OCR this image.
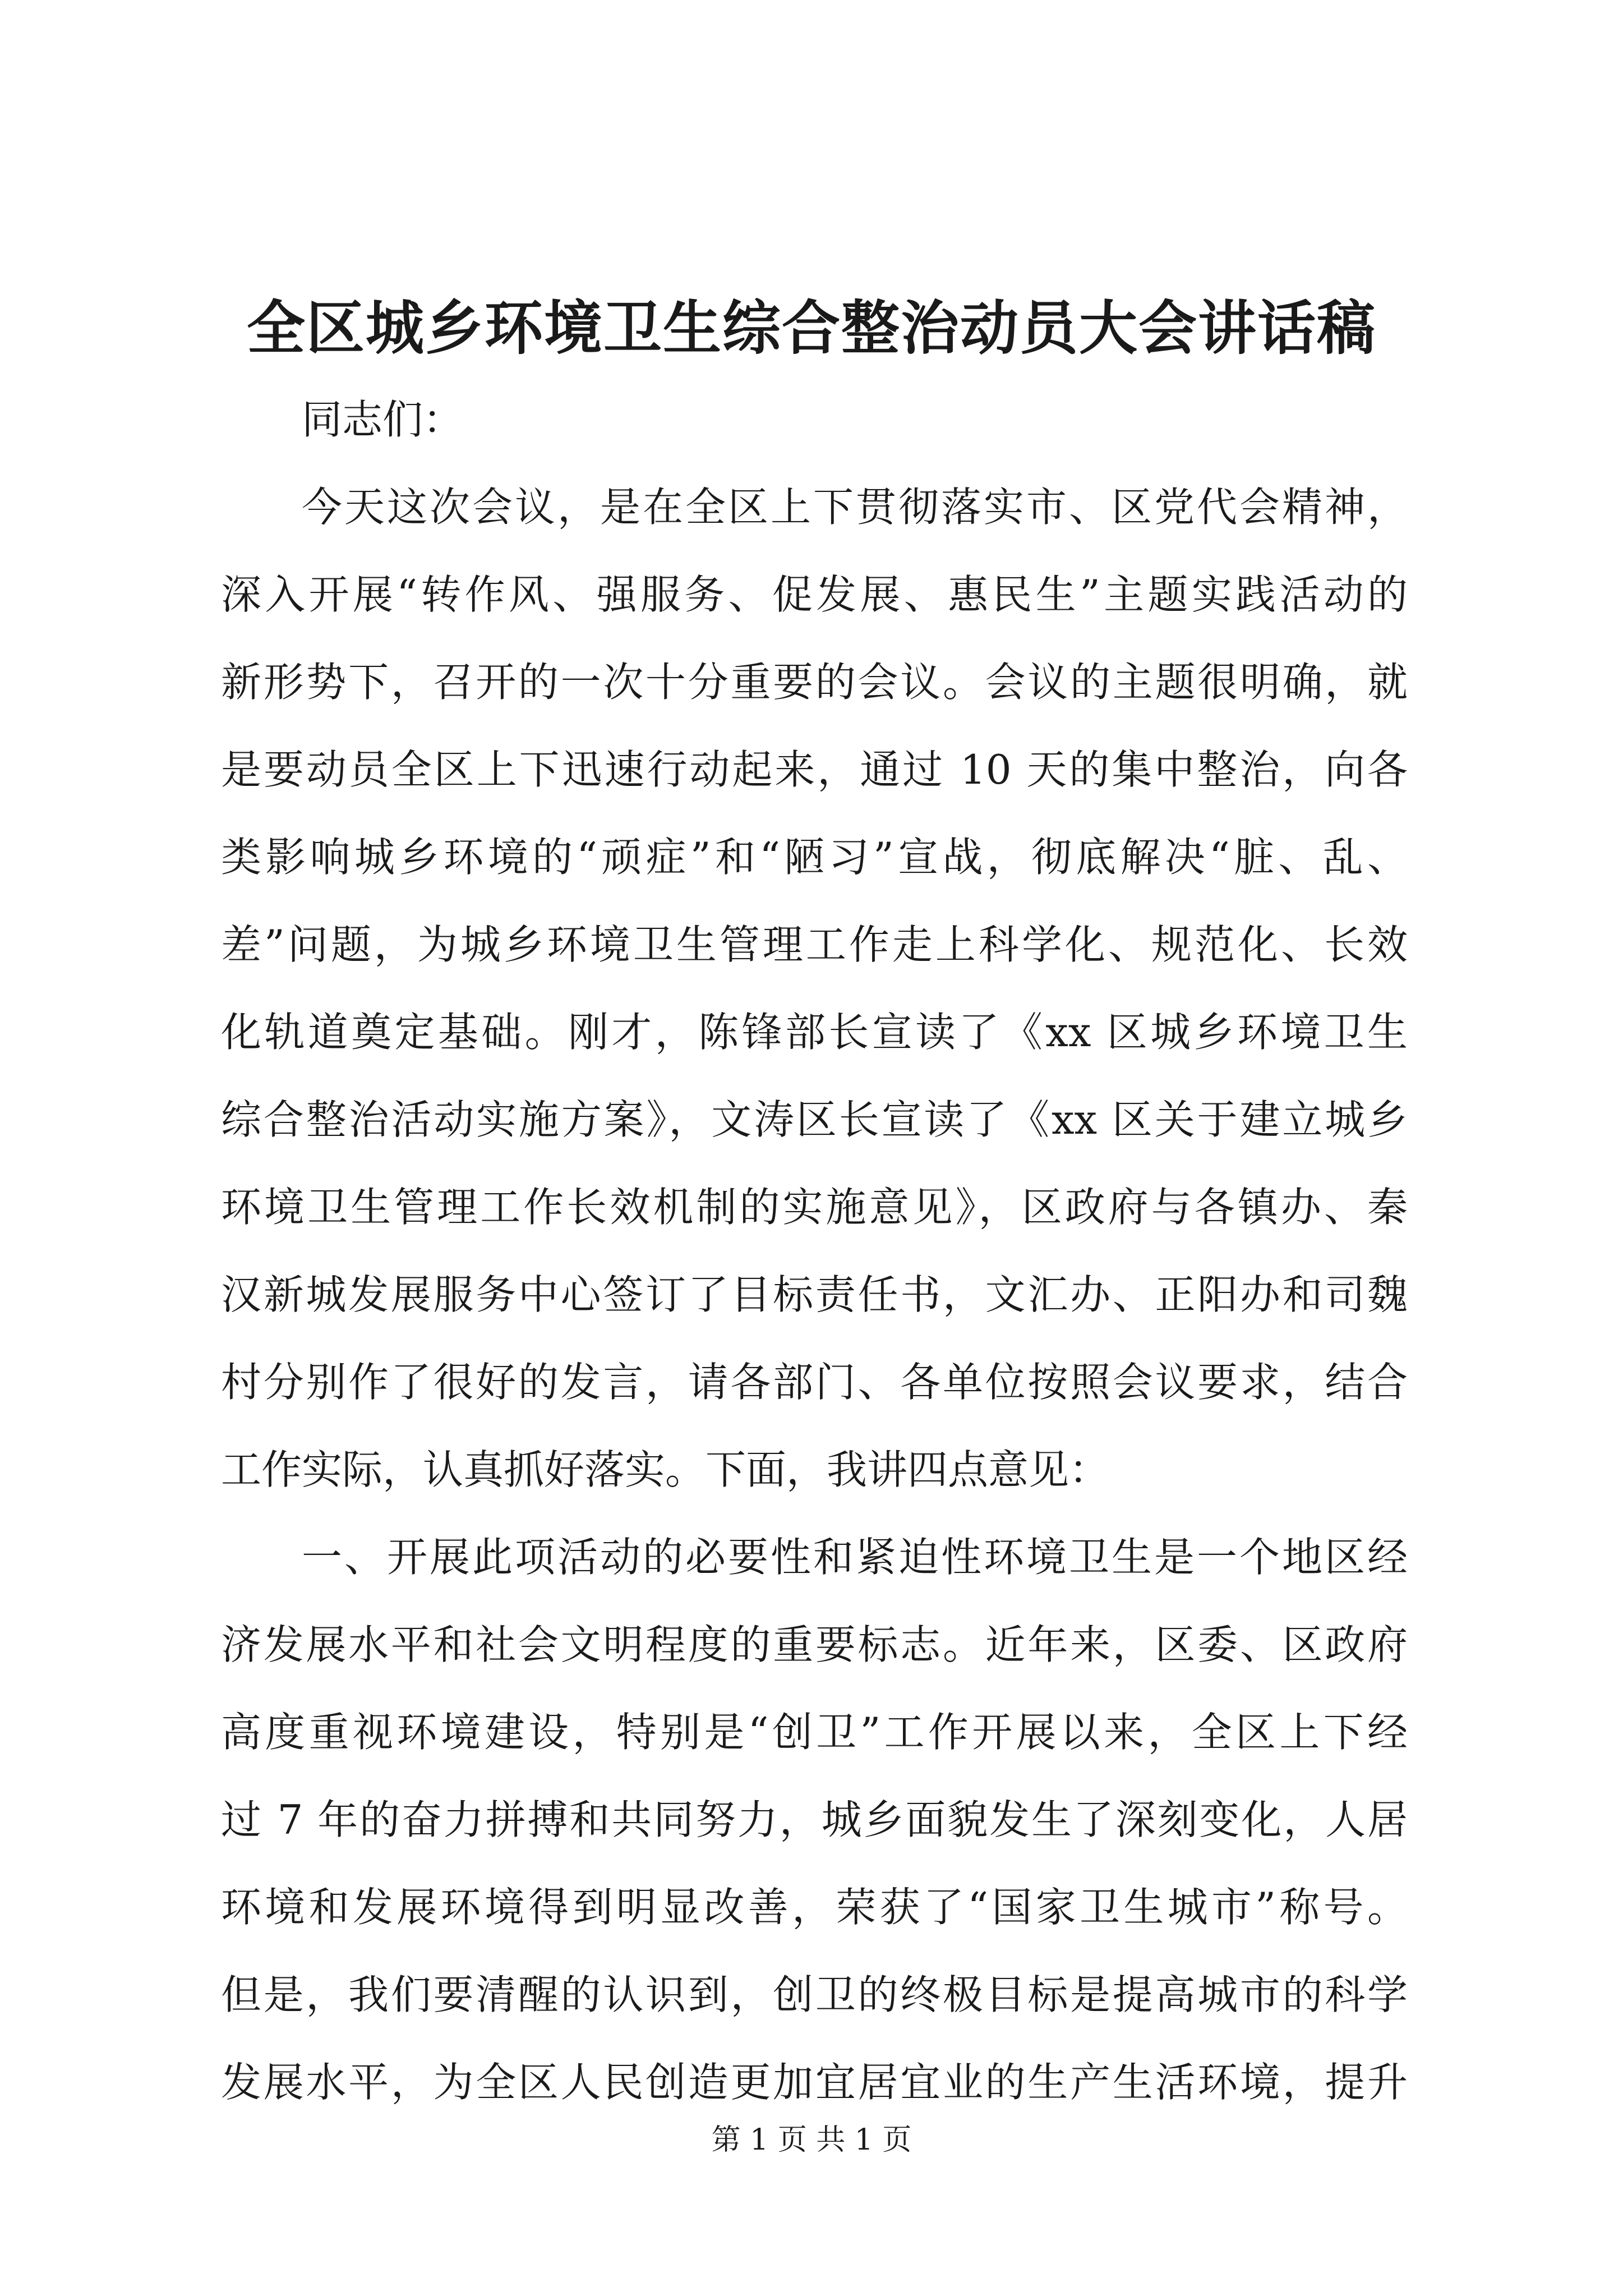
全区城乡环境卫生综合整治动员大会讲话稿
同志们：
今天这次会议，是在全区上下贯彻落实市、区党代会精神，
深入开展“转作风、强服务、促发展、惠民生”主题实践活动的
新形势下，召开的一次十分重要的会议。会议的主题很明确，就
是要动员全区上下迅速行动起来，通过 10 天的集中整治，向各
类影响城乡环境的“顽症”和“陋习”宣战，彻底解决“脏、乱、
差”问题，为城乡环境卫生管理工作走上科学化、规范化、长效
化轨道奠定基础。刚才，陈锋部长宣读了《xx 区城乡环境卫生
综合整治活动实施方案》，文涛区长宣读了《xx 区关于建立城乡
环境卫生管理工作长效机制的实施意见》，区政府与各镇办、秦
汉新城发展服务中心签订了目标责任书，文汇办、正阳办和司魏
村分别作了很好的发言，请各部门、各单位按照会议要求，结合
工作实际，认真抓好落实。下面，我讲四点意见：
一、开展此项活动的必要性和紧迫性环境卫生是一个地区经
济发展水平和社会文明程度的重要标志。近年来，区委、区政府
高度重视环境建设，特别是“创卫”工作开展以来，全区上下经
过 7 年的奋力拼搏和共同努力，城乡面貌发生了深刻变化，人居
环境和发展环境得到明显改善，荣获了“国家卫生城市”称号。
但是，我们要清醒的认识到，创卫的终极目标是提高城市的科学
发展水平，为全区人民创造更加宜居宜业的生产生活环境，提升
第 1 页 共 1 页
